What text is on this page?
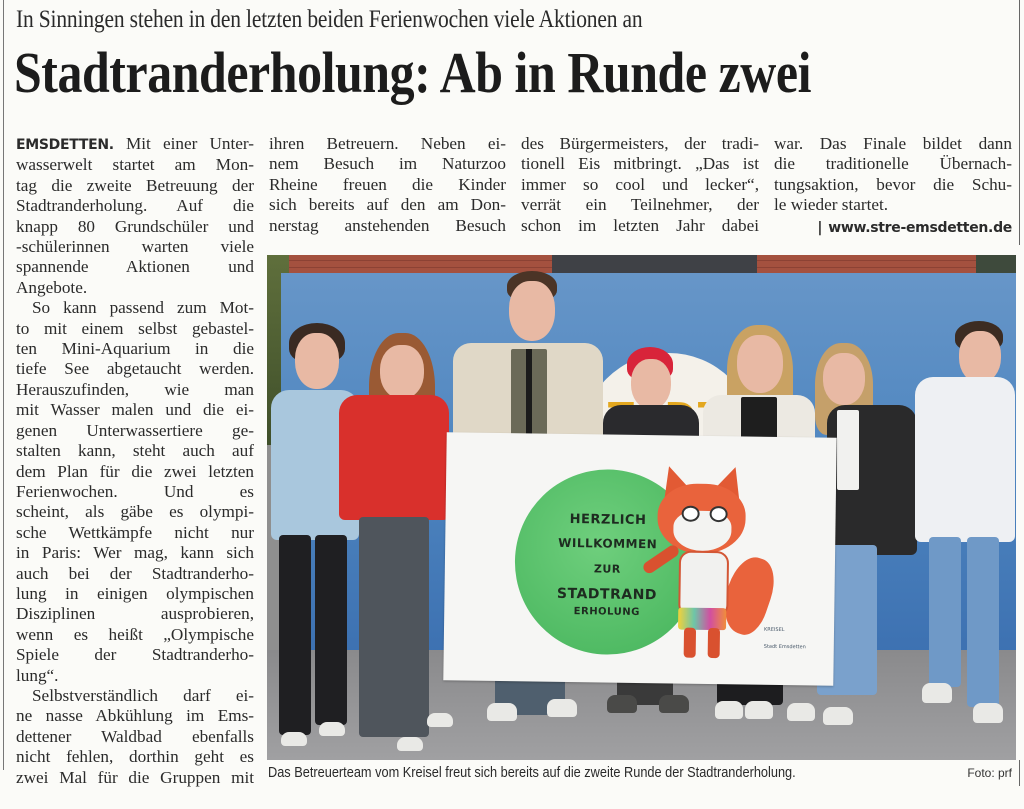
In Sinningen stehen in den letzten beiden Ferienwochen viele Aktionen an
Stadtranderholung: Ab in Runde zwei
EMSDETTEN. Mit einer Unter-
wasserwelt startet am Mon-
tag die zweite Betreuung der
Stadtranderholung. Auf die
knapp 80 Grundschüler und
-schülerinnen warten viele
spannende Aktionen und
Angebote.
So kann passend zum Mot-
to mit einem selbst gebastel-
ten Mini-Aquarium in die
tiefe See abgetaucht werden.
Herauszufinden, wie man
mit Wasser malen und die ei-
genen Unterwassertiere ge-
stalten kann, steht auch auf
dem Plan für die zwei letzten
Ferienwochen. Und es
scheint, als gäbe es olympi-
sche Wettkämpfe nicht nur
in Paris: Wer mag, kann sich
auch bei der Stadtranderho-
lung in einigen olympischen
Disziplinen ausprobieren,
wenn es heißt „Olympische
Spiele der Stadtranderho-
lung“.
Selbstverständlich darf ei-
ne nasse Abkühlung im Ems-
dettener Waldbad ebenfalls
nicht fehlen, dorthin geht es
zwei Mal für die Gruppen mit
ihren Betreuern. Neben ei-
nem Besuch im Naturzoo
Rheine freuen die Kinder
sich bereits auf den am Don-
nerstag anstehenden Besuch
des Bürgermeisters, der tradi-
tionell Eis mitbringt. „Das ist
immer so cool und lecker“,
verrät ein Teilnehmer, der
schon im letzten Jahr dabei
war. Das Finale bildet dann
die traditionelle Übernach-
tungsaktion, bevor die Schu-
le wieder startet.
| www.stre-emsdetten.de
HERZLICH
WILLKOMMEN
ZUR
STADTRAND
ERHOLUNG
KREISEL
Stadt Emsdetten
Das Betreuerteam vom Kreisel freut sich bereits auf die zweite Runde der Stadtranderholung.	Foto: prf
